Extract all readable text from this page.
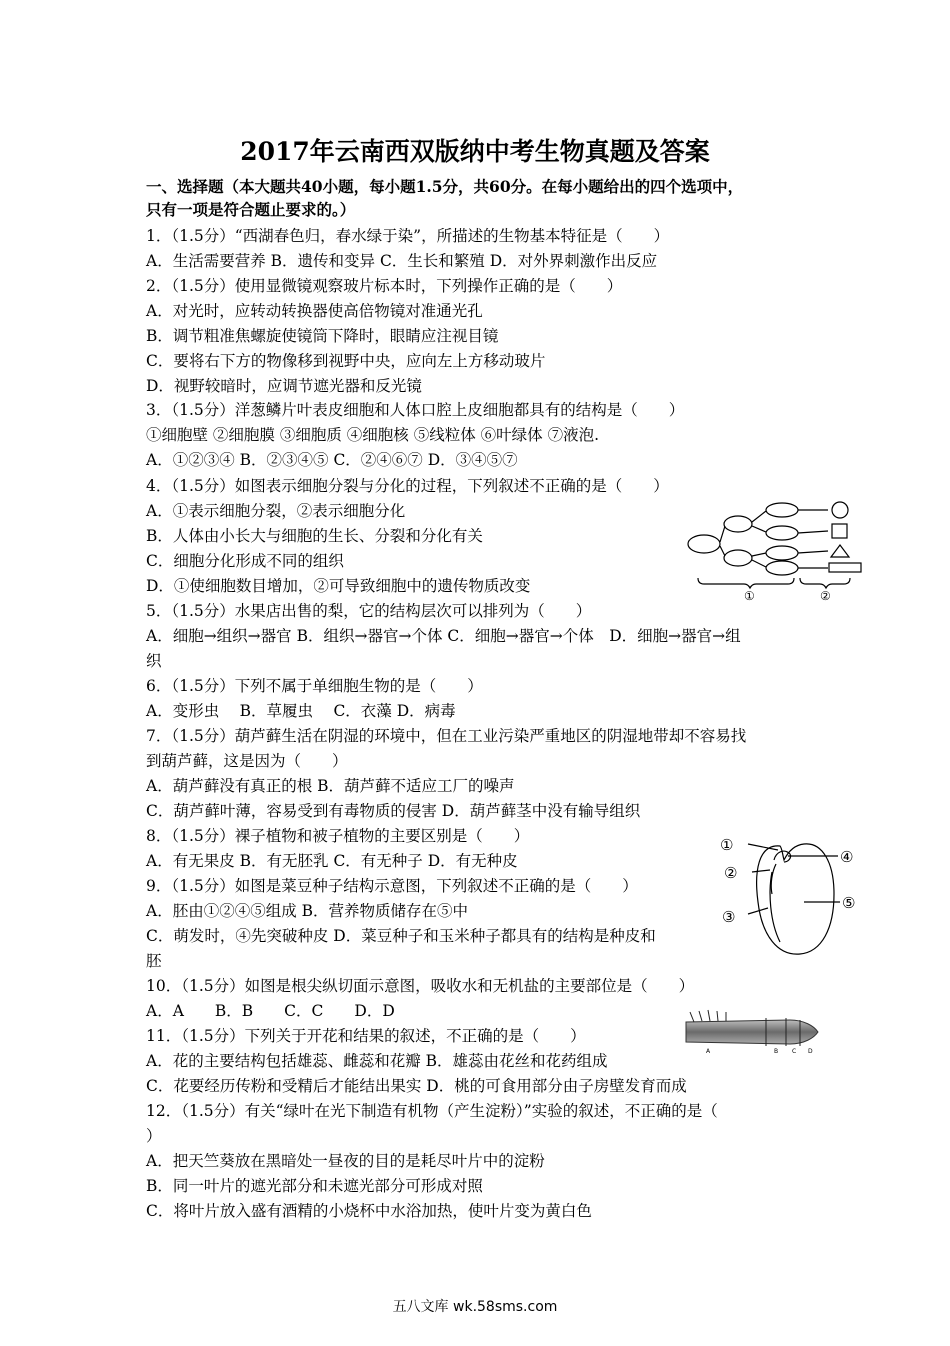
2017年云南西双版纳中考生物真题及答案
一、选择题（本大题共40小题，每小题1.5分，共60分。在每小题给出的四个选项中，
只有一项是符合题止要求的。）
1．（1.5分）“西湖春色归，春水绿于染”，所描述的生物基本特征是（　　）
A．生活需要营养 B．遗传和变异 C．生长和繁殖 D．对外界刺激作出反应
2．（1.5分）使用显微镜观察玻片标本时，下列操作正确的是（　　）
A．对光时，应转动转换器使高倍物镜对准通光孔
B．调节粗准焦螺旋使镜筒下降时，眼睛应注视目镜
C．要将右下方的物像移到视野中央，应向左上方移动玻片
D．视野较暗时，应调节遮光器和反光镜
3．（1.5分）洋葱鳞片叶表皮细胞和人体口腔上皮细胞都具有的结构是（　　）
①细胞壁 ②细胞膜 ③细胞质 ④细胞核 ⑤线粒体 ⑥叶绿体 ⑦液泡.
A．①②③④ B．②③④⑤ C．②④⑥⑦ D．③④⑤⑦
4．（1.5分）如图表示细胞分裂与分化的过程，下列叙述不正确的是（　　）
A．①表示细胞分裂，②表示细胞分化
B．人体由小长大与细胞的生长、分裂和分化有关
C．细胞分化形成不同的组织
D．①使细胞数目增加，②可导致细胞中的遗传物质改变
5．（1.5分）水果店出售的梨，它的结构层次可以排列为（　　）
A．细胞→组织→器官 B．组织→器官→个体 C．细胞→器官→个体　D．细胞→器官→组
织
6．（1.5分）下列不属于单细胞生物的是（　　）
A．变形虫　 B．草履虫　 C．衣藻 D．病毒
7．（1.5分）葫芦藓生活在阴湿的环境中，但在工业污染严重地区的阴湿地带却不容易找
到葫芦藓，这是因为（　　）
A．葫芦藓没有真正的根 B．葫芦藓不适应工厂的噪声
C．葫芦藓叶薄，容易受到有毒物质的侵害 D．葫芦藓茎中没有输导组织
8．（1.5分）裸子植物和被子植物的主要区别是（　　）
A．有无果皮 B．有无胚乳 C．有无种子 D．有无种皮
9．（1.5分）如图是菜豆种子结构示意图，下列叙述不正确的是（　　）
A．胚由①②④⑤组成 B．营养物质储存在⑤中
C．萌发时，④先突破种皮 D．菜豆种子和玉米种子都具有的结构是种皮和
胚
10．（1.5分）如图是根尖纵切面示意图，吸收水和无机盐的主要部位是（　　）
A．A　　B．B　　C．C　　D．D
11．（1.5分）下列关于开花和结果的叙述，不正确的是（　　）
A．花的主要结构包括雄蕊、雌蕊和花瓣 B．雄蕊由花丝和花药组成
C．花要经历传粉和受精后才能结出果实 D．桃的可食用部分由子房壁发育而成
12．（1.5分）有关“绿叶在光下制造有机物（产生淀粉）”实验的叙述，不正确的是（
）
A．把天竺葵放在黑暗处一昼夜的目的是耗尽叶片中的淀粉
B．同一叶片的遮光部分和未遮光部分可形成对照
C．将叶片放入盛有酒精的小烧杯中水浴加热，使叶片变为黄白色
①	②
①
②
③
④
⑤
A	B C D
五八文库 wk.58sms.com
